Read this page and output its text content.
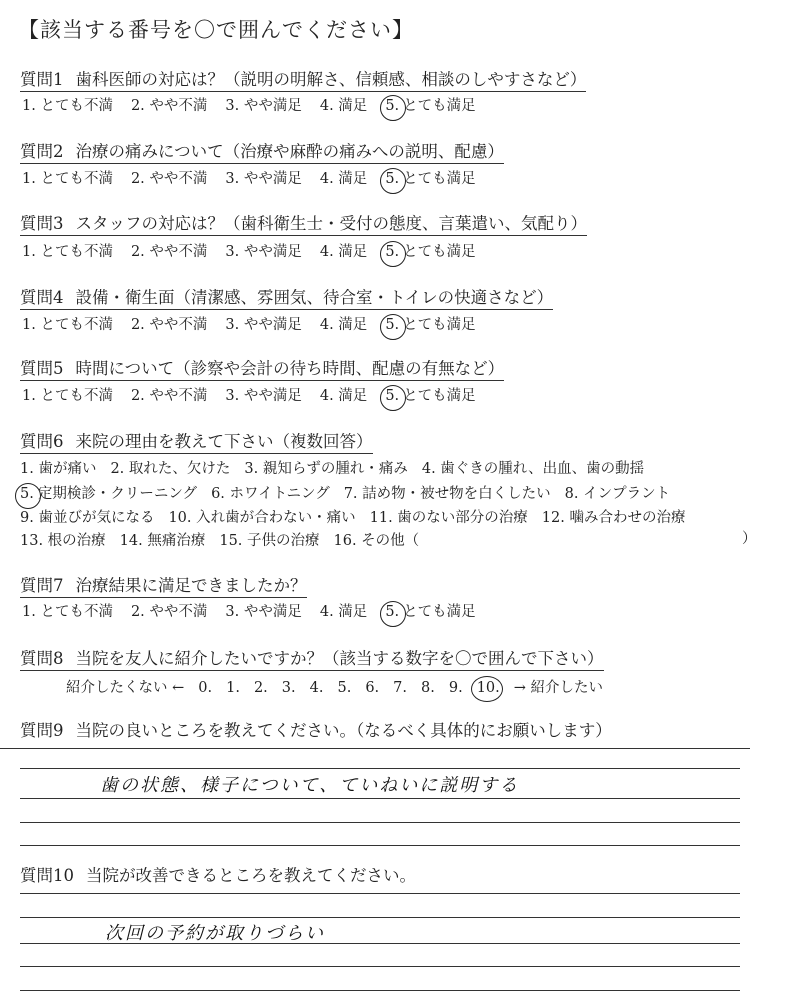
【該当する番号を〇で囲んでください】
質問1 歯科医師の対応は？（説明の明解さ、信頼感、相談のしやすさなど）
1. とても不満 2. やや不満 3. やや満足 4. 満足 5. とても満足
質問2 治療の痛みについて（治療や麻酔の痛みへの説明、配慮）
1. とても不満 2. やや不満 3. やや満足 4. 満足 5. とても満足
質問3 スタッフの対応は？（歯科衛生士・受付の態度、言葉遣い、気配り）
1. とても不満 2. やや不満 3. やや満足 4. 満足 5. とても満足
質問4 設備・衛生面（清潔感、雰囲気、待合室・トイレの快適さなど）
1. とても不満 2. やや不満 3. やや満足 4. 満足 5. とても満足
質問5 時間について（診察や会計の待ち時間、配慮の有無など）
1. とても不満 2. やや不満 3. やや満足 4. 満足 5. とても満足
質問6 来院の理由を教えて下さい（複数回答）
1. 歯が痛い 2. 取れた、欠けた 3. 親知らずの腫れ・痛み 4. 歯ぐきの腫れ、出血、歯の動揺
5. 定期検診・クリーニング 6. ホワイトニング 7. 詰め物・被せ物を白くしたい 8. インプラント
9. 歯並びが気になる 10. 入れ歯が合わない・痛い 11. 歯のない部分の治療 12. 噛み合わせの治療
13. 根の治療 14. 無痛治療 15. 子供の治療 16. その他（	）
質問7 治療結果に満足できましたか？
1. とても不満 2. やや不満 3. やや満足 4. 満足 5. とても満足
質問8 当院を友人に紹介したいですか？（該当する数字を〇で囲んで下さい）
紹介したくない ← 0. 1. 2. 3. 4. 5. 6. 7. 8. 9. 10. → 紹介したい
質問9 当院の良いところを教えてください。（なるべく具体的にお願いします）
歯の状態、様子について、ていねいに説明する
質問10 当院が改善できるところを教えてください。
次回の予約が取りづらい
